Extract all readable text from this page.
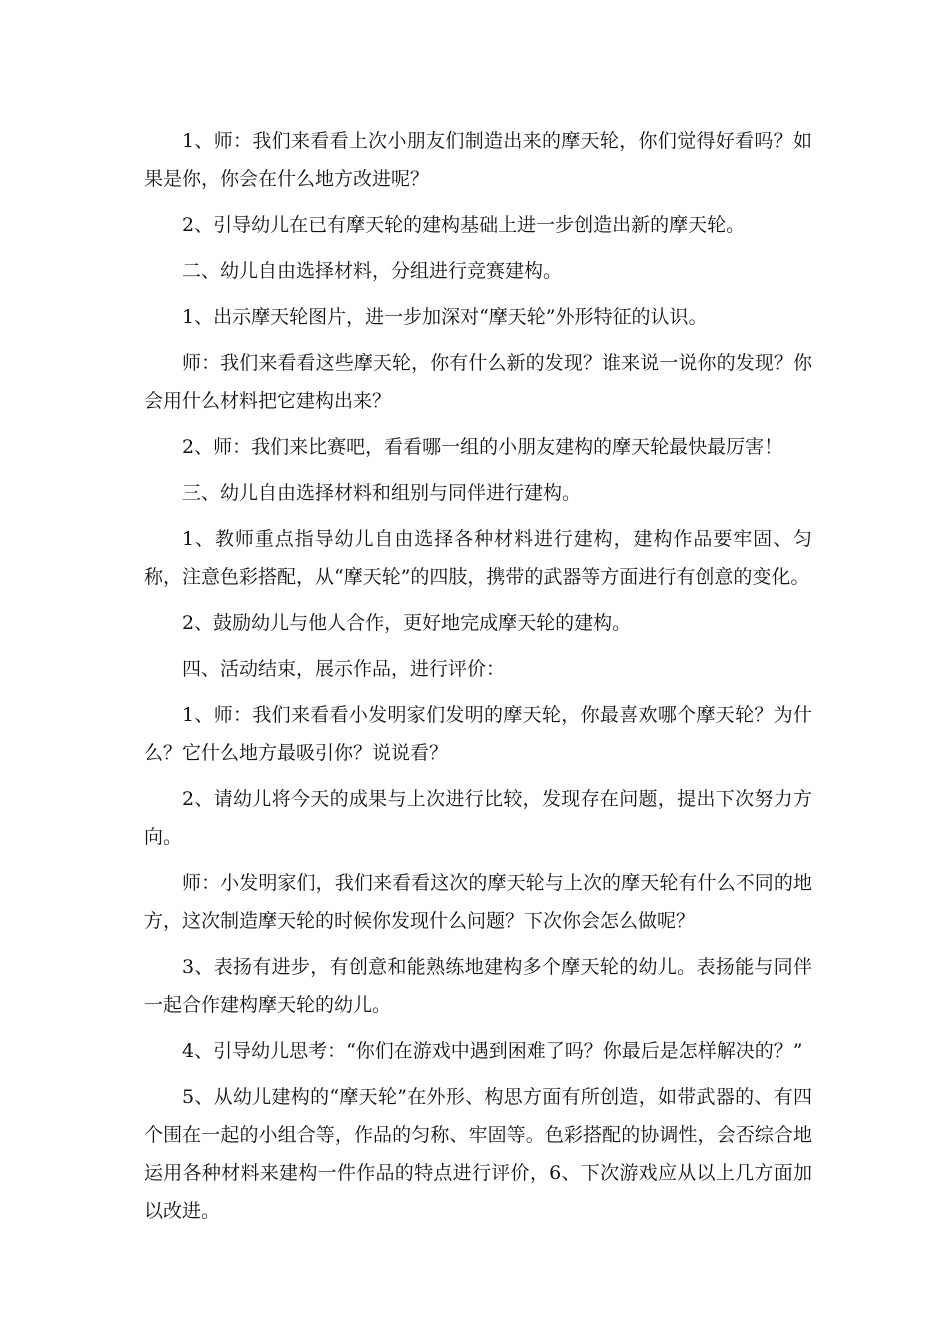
1、师：我们来看看上次小朋友们制造出来的摩天轮，你们觉得好看吗？如果是你，你会在什么地方改进呢？

2、引导幼儿在已有摩天轮的建构基础上进一步创造出新的摩天轮。

二、幼儿自由选择材料，分组进行竞赛建构。

1、出示摩天轮图片，进一步加深对“摩天轮”外形特征的认识。

师：我们来看看这些摩天轮，你有什么新的发现？谁来说一说你的发现？你会用什么材料把它建构出来？

2、师：我们来比赛吧，看看哪一组的小朋友建构的摩天轮最快最厉害！

三、幼儿自由选择材料和组别与同伴进行建构。

1、教师重点指导幼儿自由选择各种材料进行建构，建构作品要牢固、匀称，注意色彩搭配，从“摩天轮”的四肢，携带的武器等方面进行有创意的变化。

2、鼓励幼儿与他人合作，更好地完成摩天轮的建构。

四、活动结束，展示作品，进行评价：

1、师：我们来看看小发明家们发明的摩天轮，你最喜欢哪个摩天轮？为什么？它什么地方最吸引你？说说看？

2、请幼儿将今天的成果与上次进行比较，发现存在问题，提出下次努力方向。

师：小发明家们，我们来看看这次的摩天轮与上次的摩天轮有什么不同的地方，这次制造摩天轮的时候你发现什么问题？下次你会怎么做呢？

3、表扬有进步，有创意和能熟练地建构多个摩天轮的幼儿。表扬能与同伴一起合作建构摩天轮的幼儿。

4、引导幼儿思考：“你们在游戏中遇到困难了吗？你最后是怎样解决的？”

5、从幼儿建构的“摩天轮”在外形、构思方面有所创造，如带武器的、有四个围在一起的小组合等，作品的匀称、牢固等。色彩搭配的协调性，会否综合地运用各种材料来建构一件作品的特点进行评价，6、下次游戏应从以上几方面加以改进。
